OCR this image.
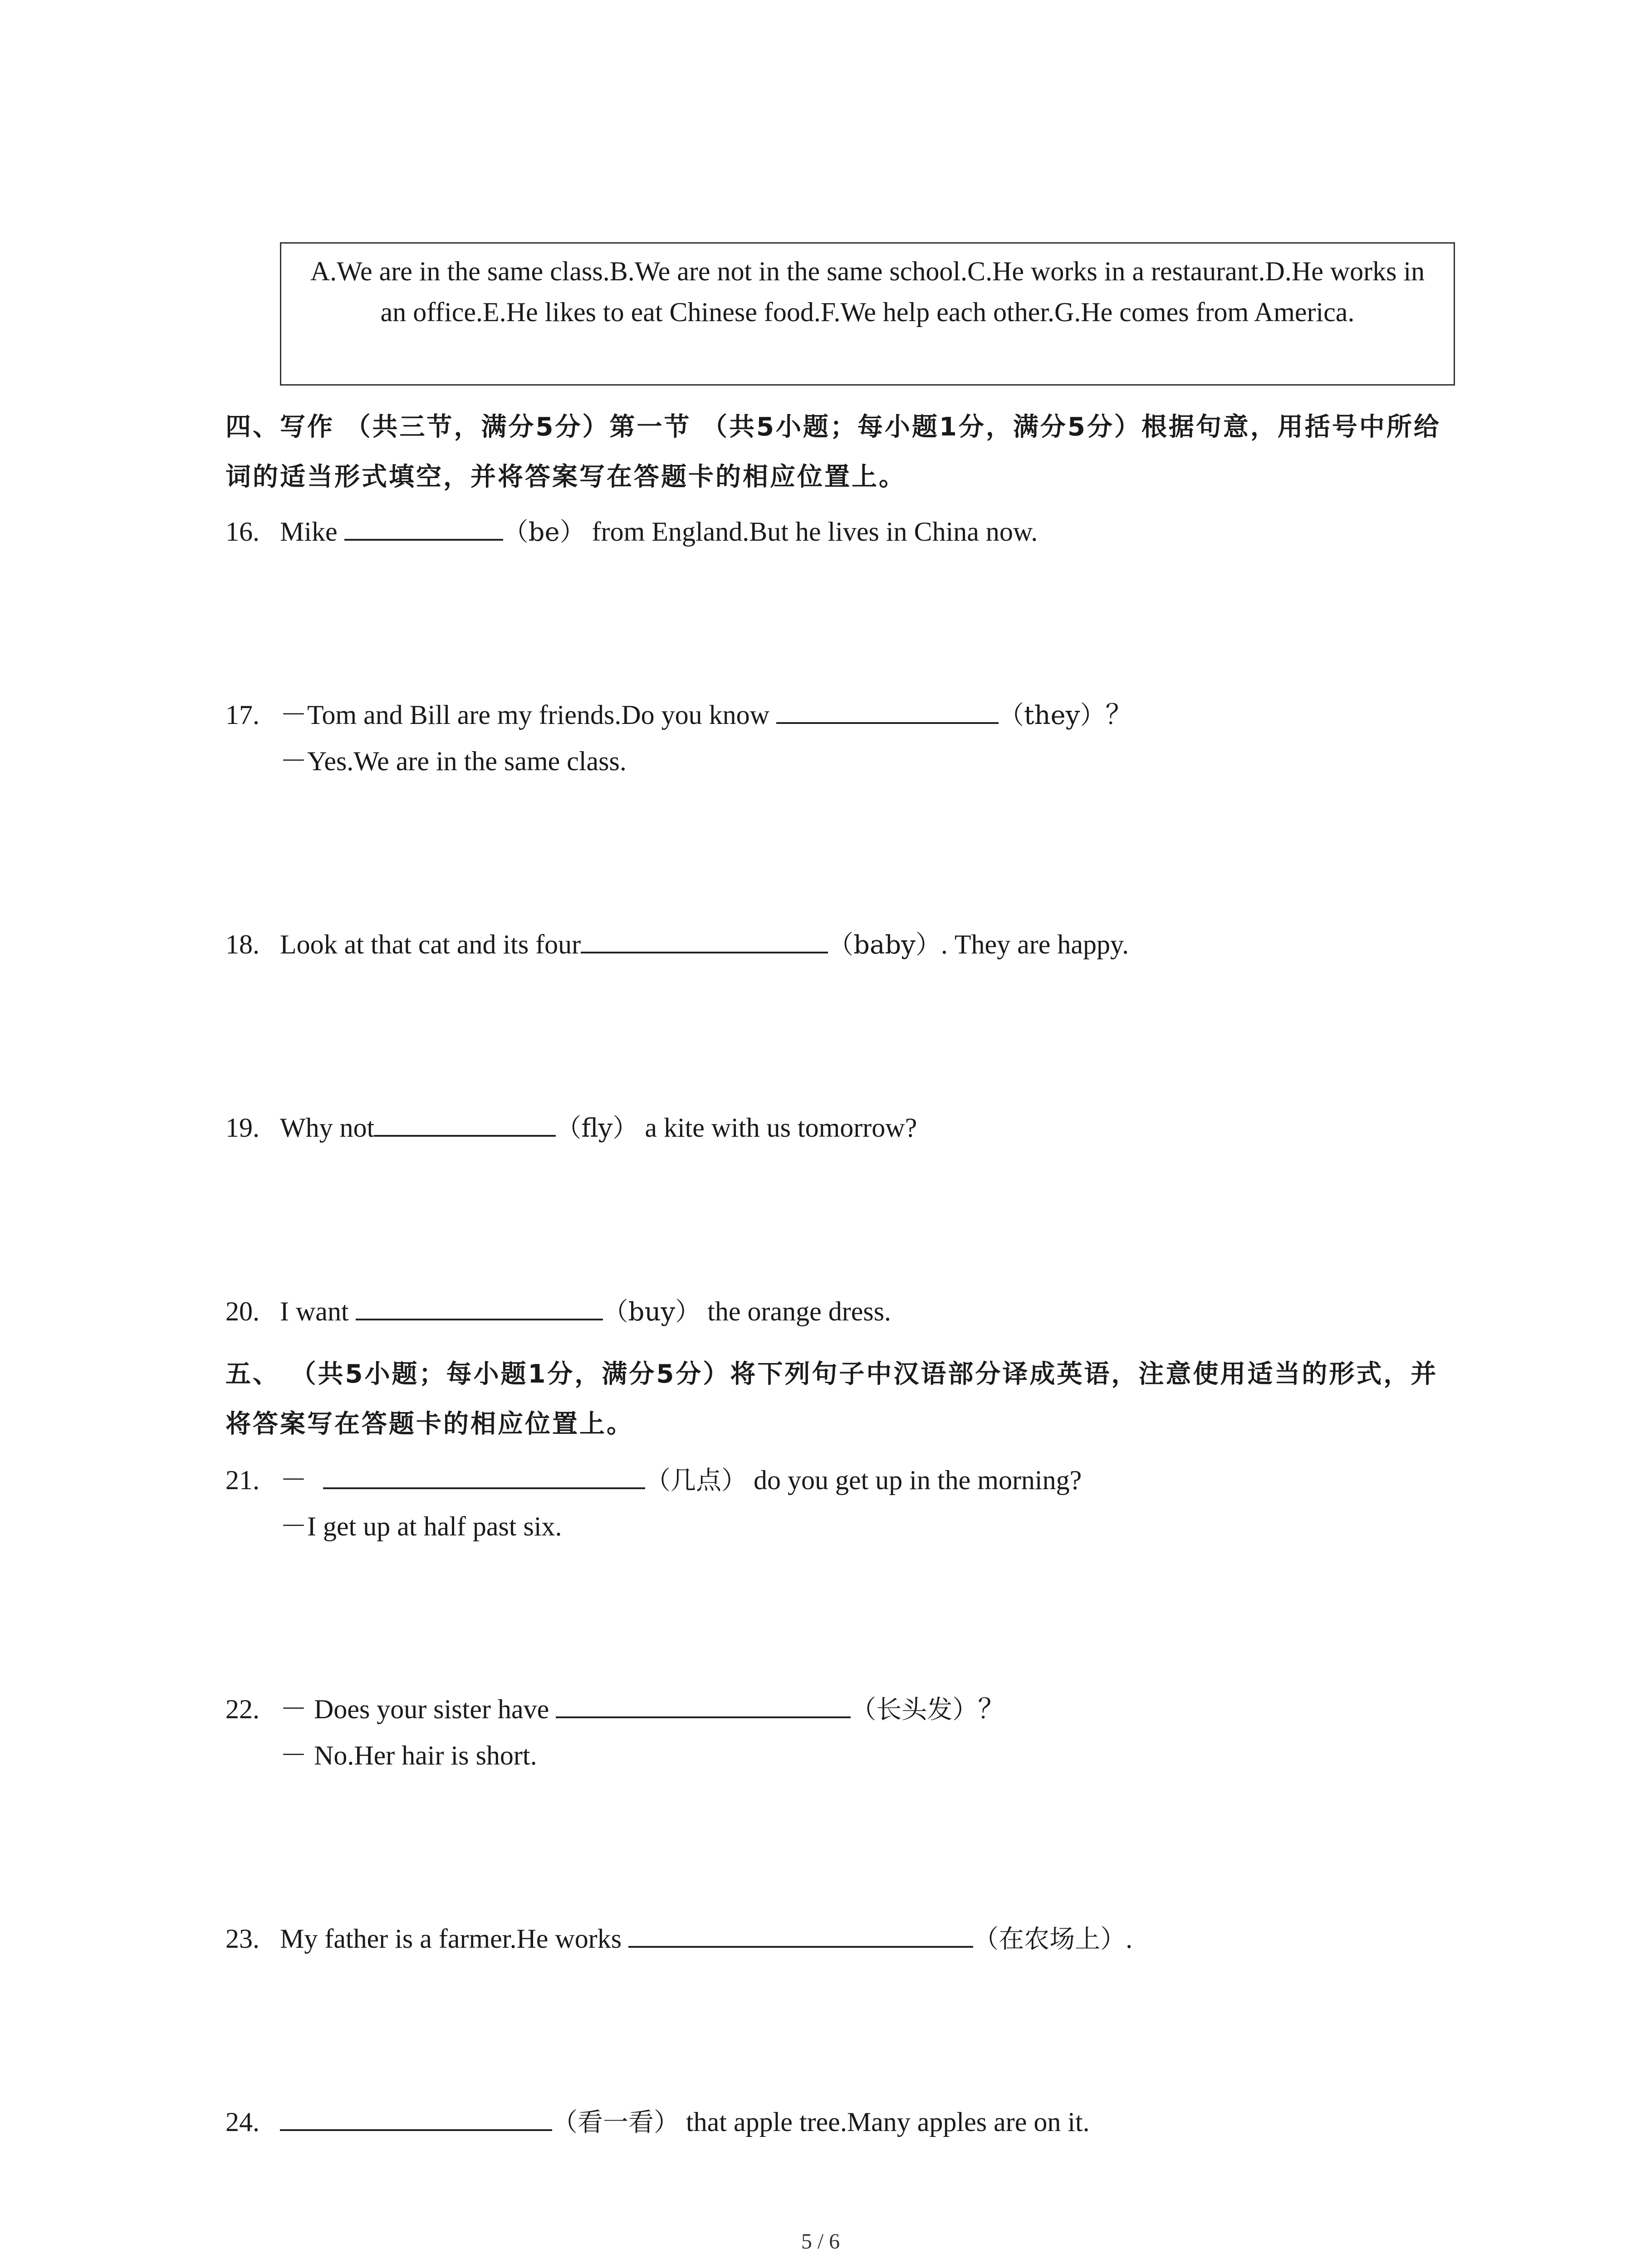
A.We are in the same class.B.We are not in the same school.C.He works in a restaurant.D.He works in an office.E.He likes to eat Chinese food.F.We help each other.G.He comes from America.
四、写作 （共三节，满分5分）第一节 （共5小题；每小题1分，满分5分）根据句意，用括号中所给词的适当形式填空，并将答案写在答题卡的相应位置上。
16. Mike	（be） from England.But he lives in China now.
17. －Tom and Bill are my friends.Do you know	（they）？
－Yes.We are in the same class.
18. Look at that cat and its four	（baby）. They are happy.
19. Why not	（fly） a kite with us tomorrow?
20. I want	（buy） the orange dress.
五、 （共5小题；每小题1分，满分5分）将下列句子中汉语部分译成英语，注意使用适当的形式，并将答案写在答题卡的相应位置上。
21. －	（几点） do you get up in the morning?
－I get up at half past six.
22. － Does your sister have	（长头发）？
－ No.Her hair is short.
23. My father is a farmer.He works	（在农场上）.
24.	（看一看） that apple tree.Many apples are on it.
5 / 6
